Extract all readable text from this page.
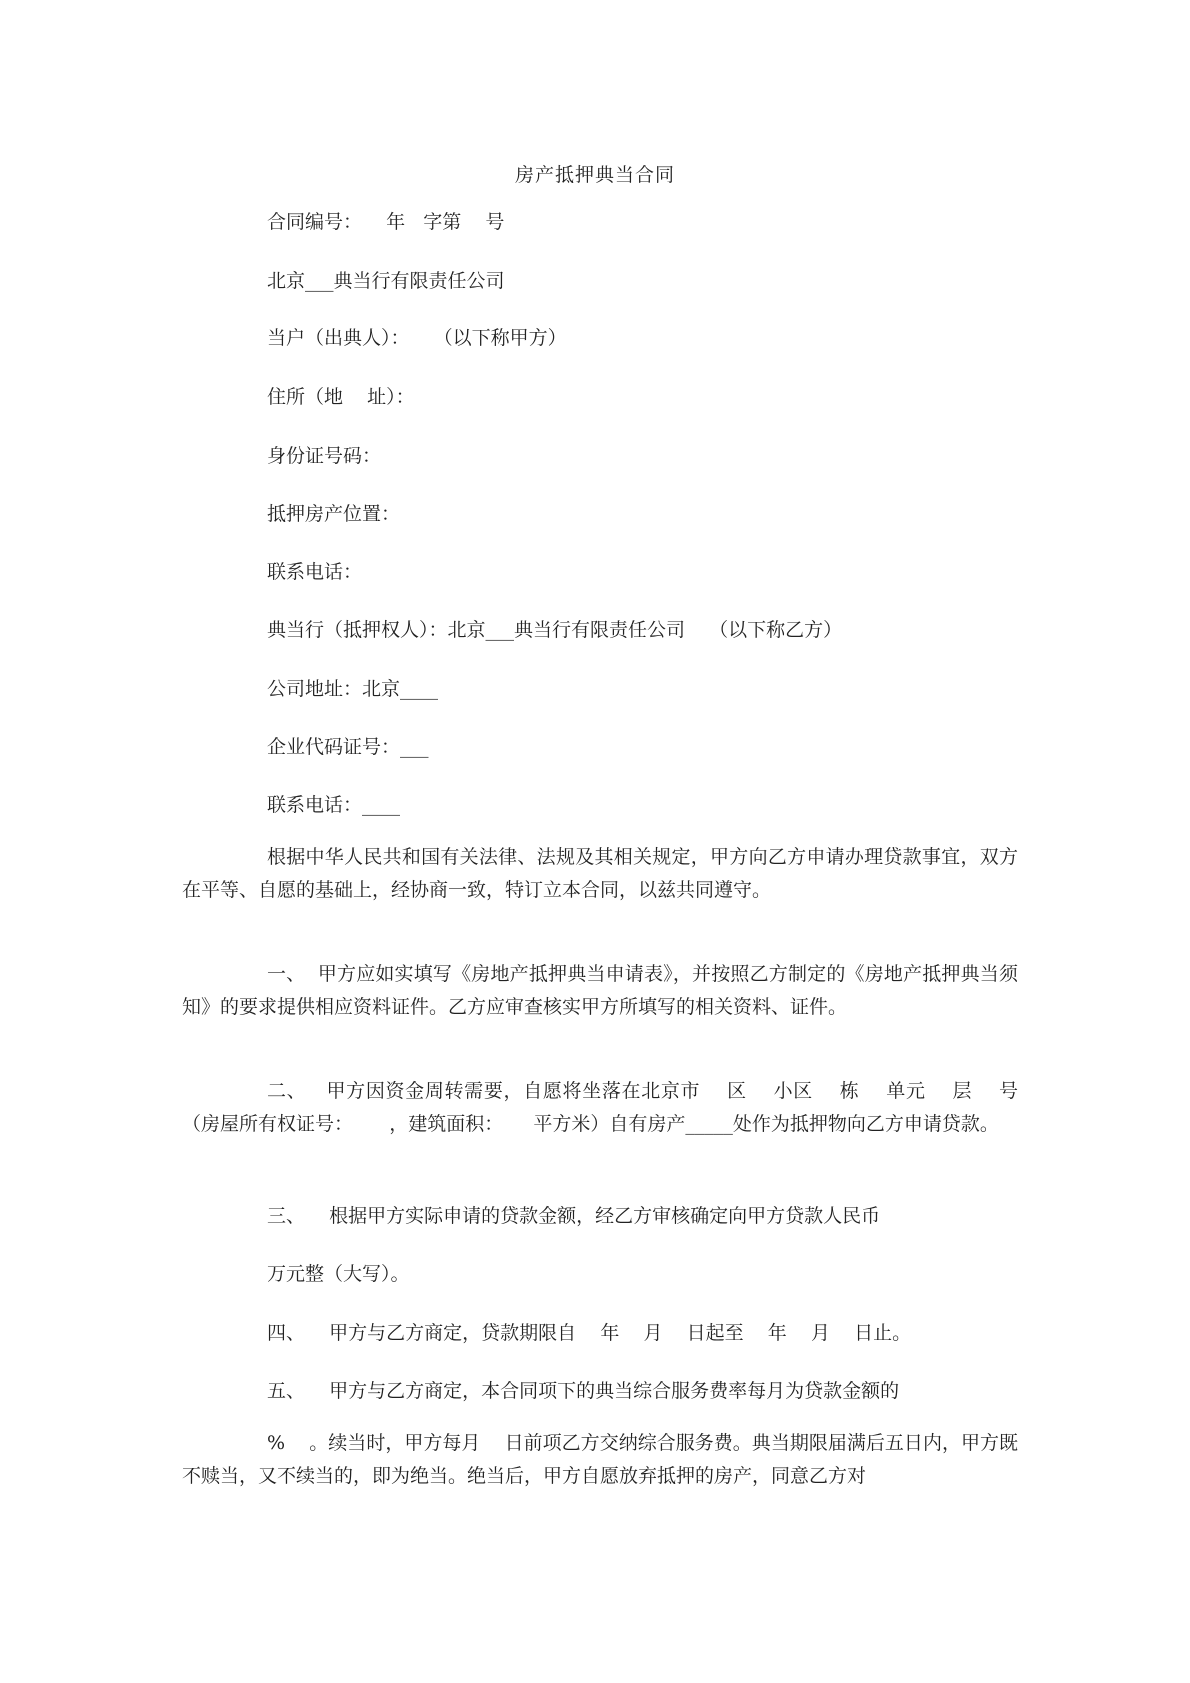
房产抵押典当合同
合同编号：    年   字第    号
北京___典当行有限责任公司
当户（出典人）：    （以下称甲方）
住所（地    址）：
身份证号码：
抵押房产位置：
联系电话：
典当行（抵押权人）：北京___典当行有限责任公司    （以下称乙方）
公司地址：北京____
企业代码证号：___
联系电话：____
根据中华人民共和国有关法律、法规及其相关规定，甲方向乙方申请办理贷款事宜，双方在平等、自愿的基础上，经协商一致，特订立本合同，以兹共同遵守。
一、  甲方应如实填写《房地产抵押典当申请表》，并按照乙方制定的《房地产抵押典当须知》的要求提供相应资料证件。乙方应审查核实甲方所填写的相关资料、证件。
二、   甲方因资金周转需要，自愿将坐落在北京市    区    小区    栋    单元    层    号（房屋所有权证号：      ，建筑面积：     平方米）自有房产_____处作为抵押物向乙方申请贷款。
三、    根据甲方实际申请的贷款金额，经乙方审核确定向甲方贷款人民币
万元整（大写）。
四、    甲方与乙方商定，贷款期限自    年    月    日起至    年    月    日止。
五、    甲方与乙方商定，本合同项下的典当综合服务费率每月为贷款金额的
%    。续当时，甲方每月    日前项乙方交纳综合服务费。典当期限届满后五日内，甲方既不赎当，又不续当的，即为绝当。绝当后，甲方自愿放弃抵押的房产，同意乙方对
